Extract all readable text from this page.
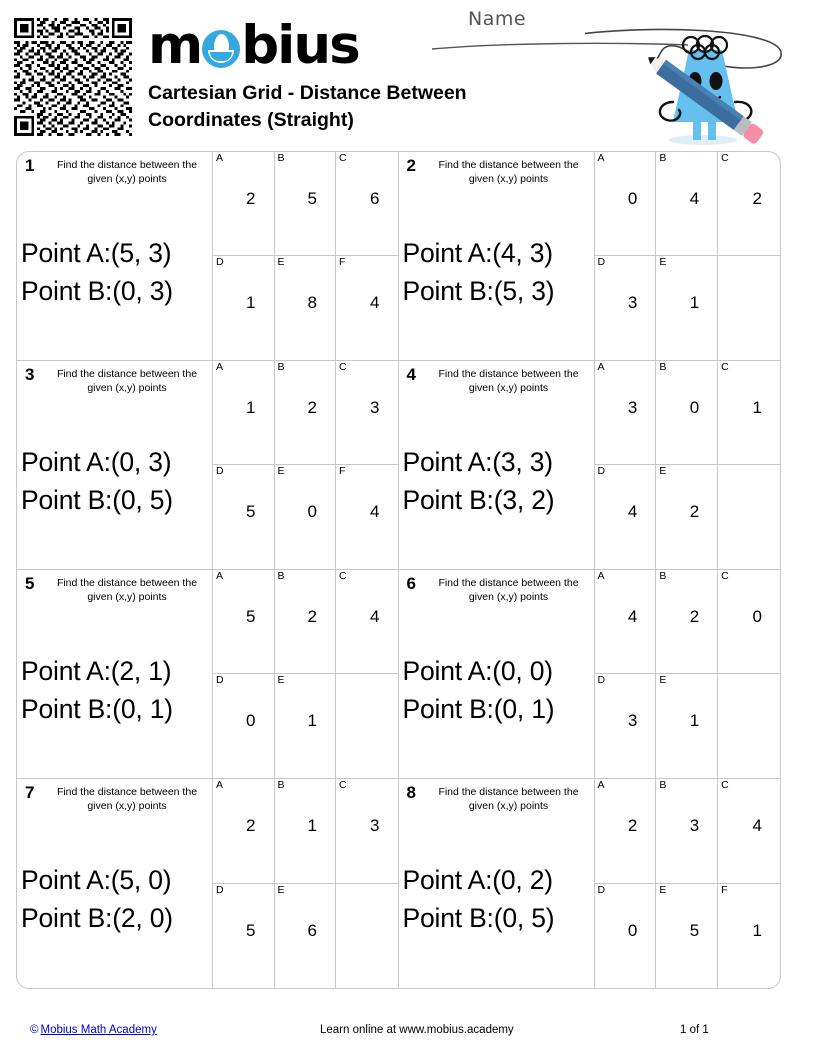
m bius
Cartesian Grid - Distance Between Coordinates (Straight)
Name
1	Find the distance between the given (x,y) points
Point A:(5, 3)
Point B:(0, 3)
A
2
B
5
C
6
D
1
E
8
F
4
2	Find the distance between the given (x,y) points
Point A:(4, 3)
Point B:(5, 3)
A
0
B
4
C
2
D
3
E
1
3	Find the distance between the given (x,y) points
Point A:(0, 3)
Point B:(0, 5)
A
1
B
2
C
3
D
5
E
0
F
4
4	Find the distance between the given (x,y) points
Point A:(3, 3)
Point B:(3, 2)
A
3
B
0
C
1
D
4
E
2
5	Find the distance between the given (x,y) points
Point A:(2, 1)
Point B:(0, 1)
A
5
B
2
C
4
D
0
E
1
6	Find the distance between the given (x,y) points
Point A:(0, 0)
Point B:(0, 1)
A
4
B
2
C
0
D
3
E
1
7	Find the distance between the given (x,y) points
Point A:(5, 0)
Point B:(2, 0)
A
2
B
1
C
3
D
5
E
6
8	Find the distance between the given (x,y) points
Point A:(0, 2)
Point B:(0, 5)
A
2
B
3
C
4
D
0
E
5
F
1
© Mobius Math Academy	Learn online at www.mobius.academy	1 of 1
